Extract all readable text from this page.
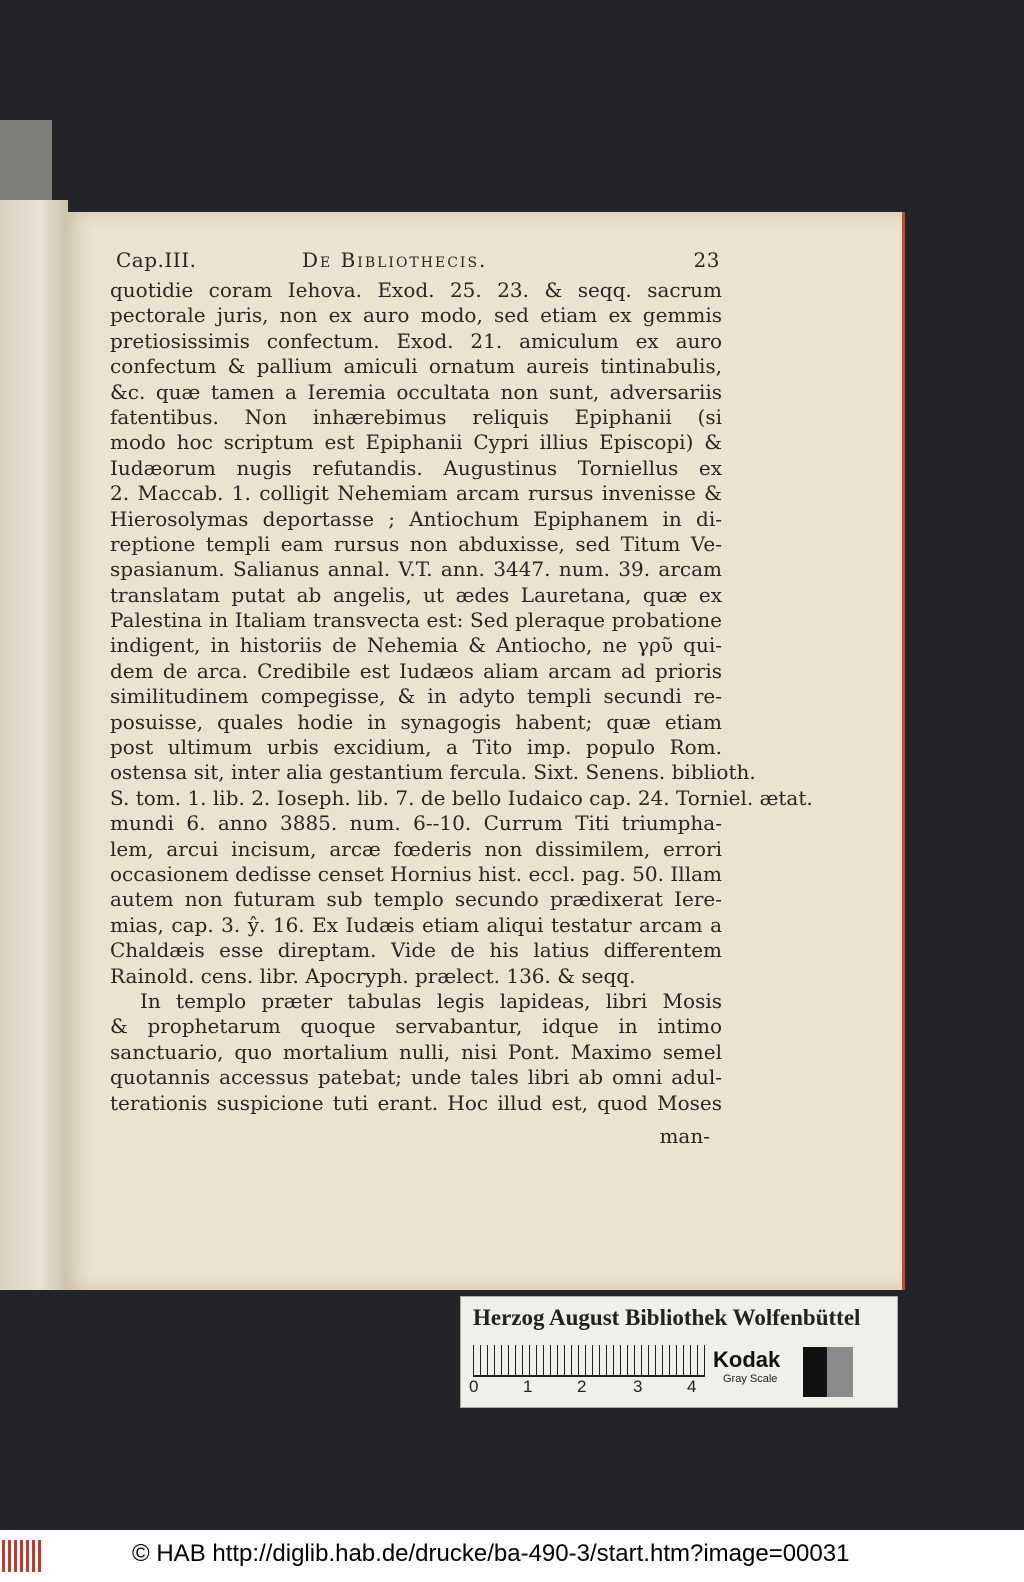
Cap.III.	De Bibliothecis.	23
quotidie coram Iehova. Exod. 25. 23. & seqq. sacrum
pectorale juris, non ex auro modo, sed etiam ex gemmis
pretiosissimis confectum. Exod. 21. amiculum ex auro
confectum & pallium amiculi ornatum aureis tintinabulis,
&c. quæ tamen a Ieremia occultata non sunt, adversariis
fatentibus. Non inhærebimus reliquis Epiphanii (si
modo hoc scriptum est Epiphanii Cypri illius Episcopi) &
Iudæorum nugis refutandis. Augustinus Torniellus ex
2. Maccab. 1. colligit Nehemiam arcam rursus invenisse &
Hierosolymas deportasse ; Antiochum Epiphanem in di-
reptione templi eam rursus non abduxisse, sed Titum Ve-
spasianum. Salianus annal. V.T. ann. 3447. num. 39. arcam
translatam putat ab angelis, ut ædes Lauretana, quæ ex
Palestina in Italiam transvecta est: Sed pleraque probatione
indigent, in historiis de Nehemia & Antiocho, ne γρῦ qui-
dem de arca. Credibile est Iudæos aliam arcam ad prioris
similitudinem compegisse, & in adyto templi secundi re-
posuisse, quales hodie in synagogis habent; quæ etiam
post ultimum urbis excidium, a Tito imp. populo Rom.
ostensa sit, inter alia gestantium fercula. Sixt. Senens. biblioth.
S. tom. 1. lib. 2. Ioseph. lib. 7. de bello Iudaico cap. 24. Torniel. ætat.
mundi 6. anno 3885. num. 6--10. Currum Titi triumpha-
lem, arcui incisum, arcæ fœderis non dissimilem, errori
occasionem dedisse censet Hornius hist. eccl. pag. 50. Illam
autem non futuram sub templo secundo prædixerat Iere-
mias, cap. 3. ŷ. 16. Ex Iudæis etiam aliqui testatur arcam a
Chaldæis esse direptam. Vide de his latius differentem
Rainold. cens. libr. Apocryph. prælect. 136. & seqq.
In templo præter tabulas legis lapideas, libri Mosis
& prophetarum quoque servabantur, idque in intimo
sanctuario, quo mortalium nulli, nisi Pont. Maximo semel
quotannis accessus patebat; unde tales libri ab omni adul-
terationis suspicione tuti erant. Hoc illud est, quod Moses
man-
Herzog August Bibliothek Wolfenbüttel
0	1	2	3	4
Kodak
Gray Scale
© HAB http://diglib.hab.de/drucke/ba-490-3/start.htm?image=00031
